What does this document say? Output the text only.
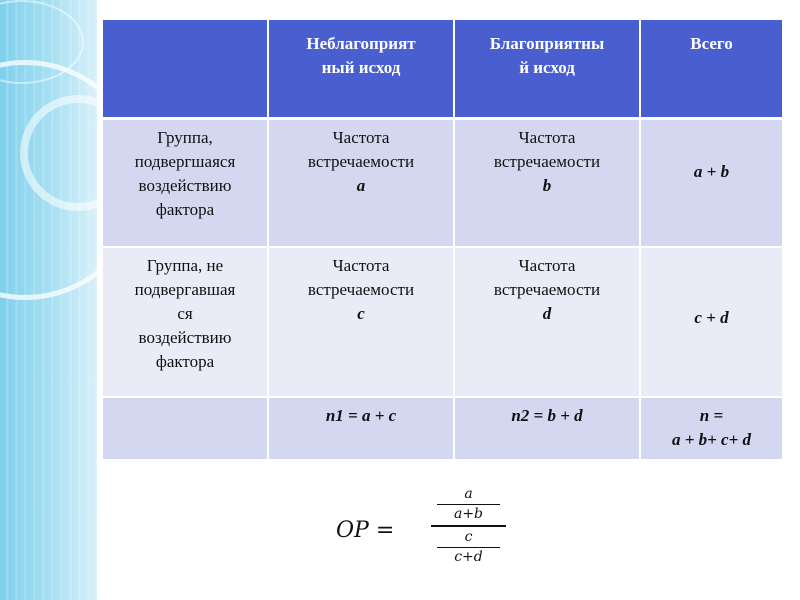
	Неблагоприят
ный исход	Благоприятны
й исход	Всего
Группа,
подвергшаяся
воздействию
фактора	Частота
встречаемости
a	Частота
встречаемости
b	a + b
Группа, не
подвергавшая
ся
воздействию
фактора	Частота
встречаемости
c	Частота
встречаемости
d	c + d
	n1 = a + c	n2 = b + d	n =
a + b+ c+ d
OP =
a
a+b
c
c+d
